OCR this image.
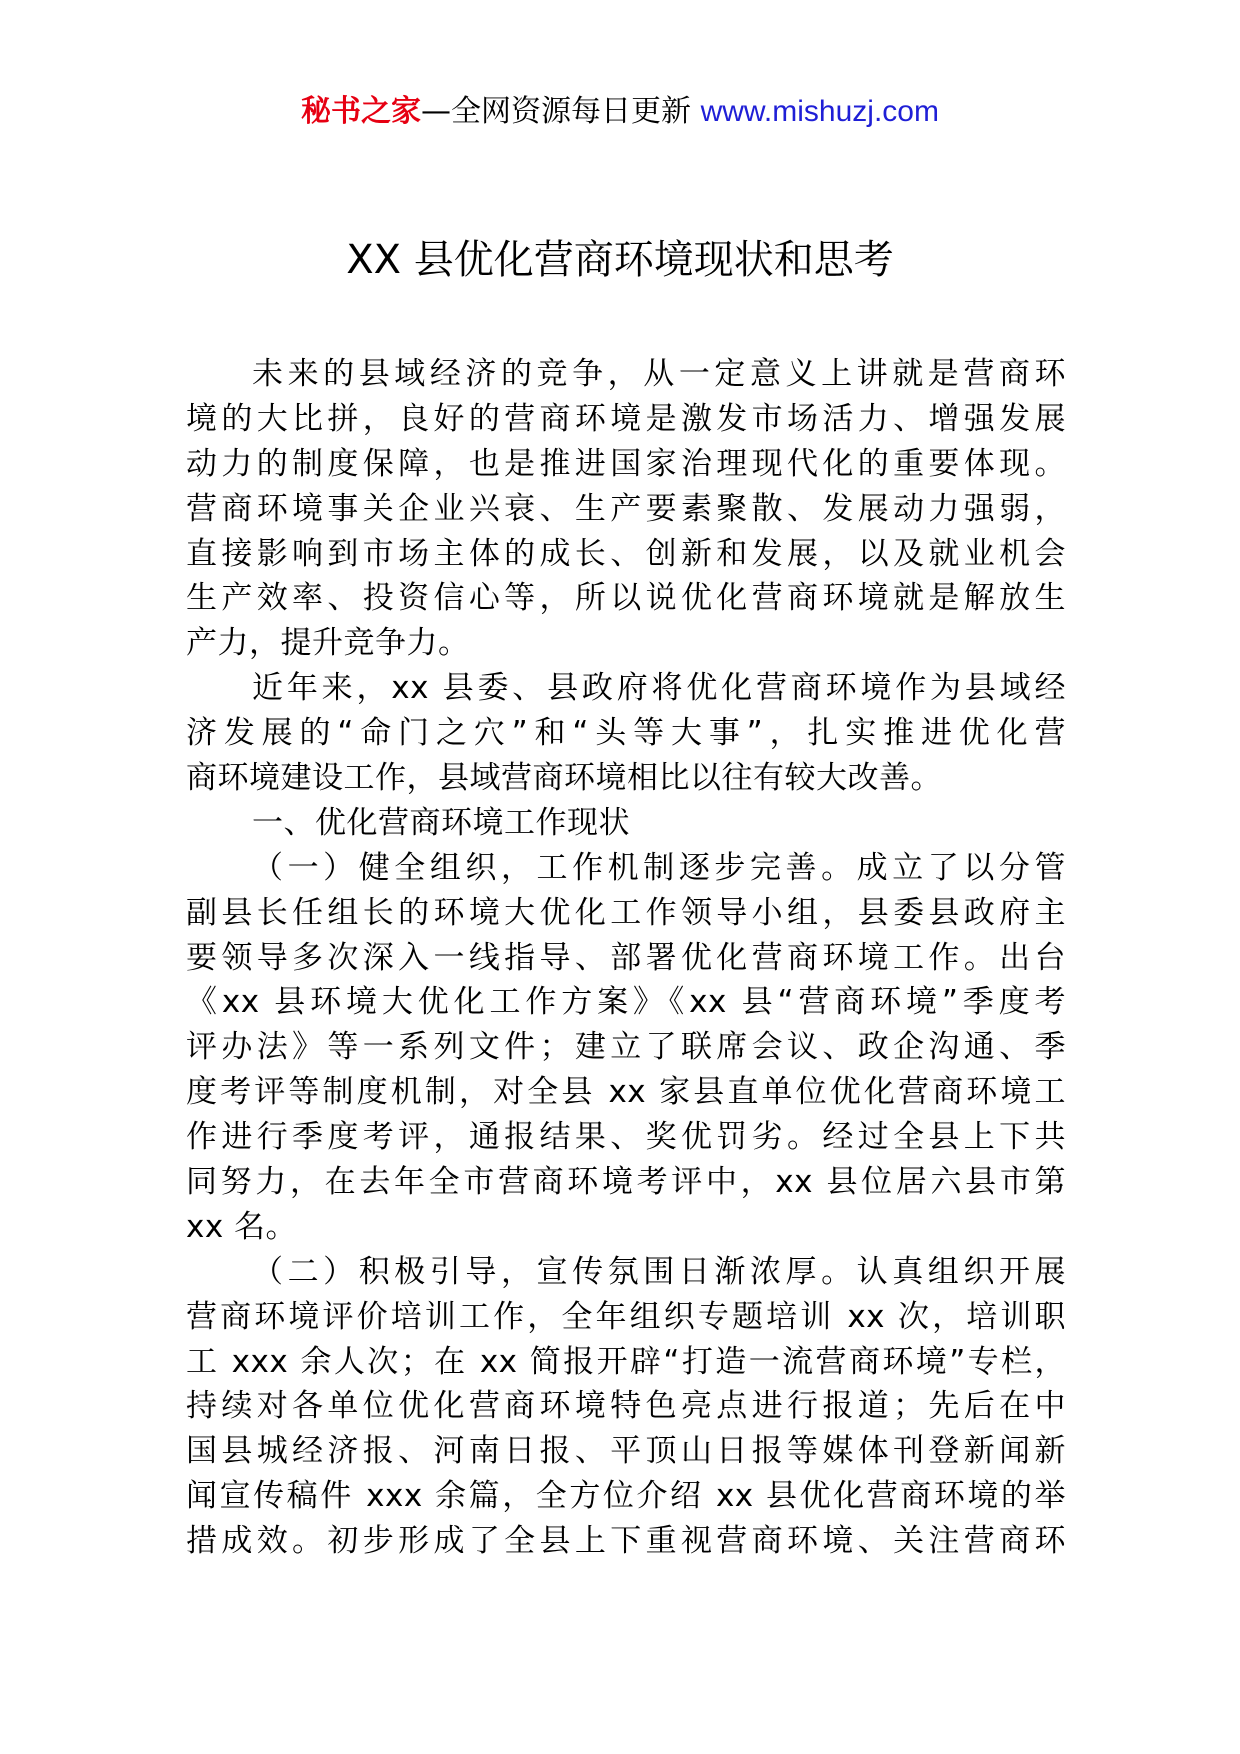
秘书之家—全网资源每日更新 www.mishuzj.com
XX 县优化营商环境现状和思考
未来的县域经济的竞争，从一定意义上讲就是营商环
境的大比拼，良好的营商环境是激发市场活力、增强发展
动力的制度保障，也是推进国家治理现代化的重要体现。
营商环境事关企业兴衰、生产要素聚散、发展动力强弱，
直接影响到市场主体的成长、创新和发展，以及就业机会
生产效率、投资信心等，所以说优化营商环境就是解放生
产力，提升竞争力。
近年来，xx 县委、县政府将优化营商环境作为县域经
济发展的“命门之穴”和“头等大事”，扎实推进优化营
商环境建设工作，县域营商环境相比以往有较大改善。
一、优化营商环境工作现状
（一）健全组织，工作机制逐步完善。成立了以分管
副县长任组长的环境大优化工作领导小组，县委县政府主
要领导多次深入一线指导、部署优化营商环境工作。出台
《xx 县环境大优化工作方案》《xx 县“营商环境”季度考
评办法》等一系列文件；建立了联席会议、政企沟通、季
度考评等制度机制，对全县 xx 家县直单位优化营商环境工
作进行季度考评，通报结果、奖优罚劣。经过全县上下共
同努力，在去年全市营商环境考评中，xx 县位居六县市第
xx 名。
（二）积极引导，宣传氛围日渐浓厚。认真组织开展
营商环境评价培训工作，全年组织专题培训 xx 次，培训职
工 xxx 余人次；在 xx 简报开辟“打造一流营商环境”专栏，
持续对各单位优化营商环境特色亮点进行报道；先后在中
国县城经济报、河南日报、平顶山日报等媒体刊登新闻新
闻宣传稿件 xxx 余篇，全方位介绍 xx 县优化营商环境的举
措成效。初步形成了全县上下重视营商环境、关注营商环
